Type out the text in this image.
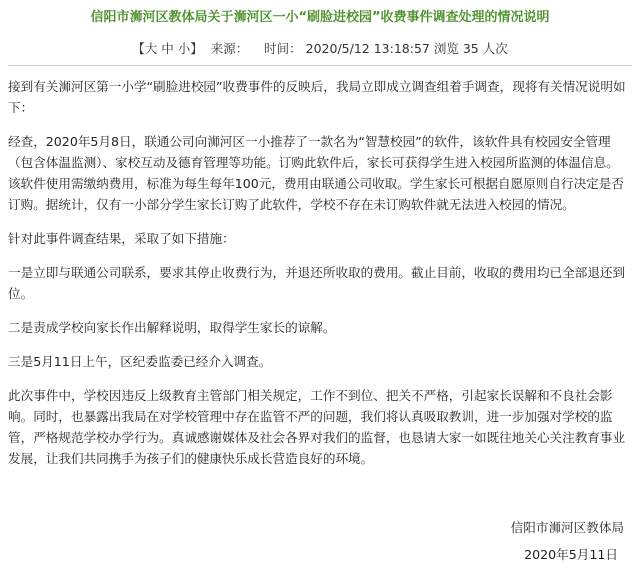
信阳市浉河区教体局关于浉河区一小“刷脸进校园”收费事件调查处理的情况说明
【大 中 小】 来源： 时间： 2020/5/12 13:18:57 浏览 35 人次

接到有关浉河区第一小学“刷脸进校园”收费事件的反映后，我局立即成立调查组着手调查，现将有关情况说明如下：

经查，2020年5月8日，联通公司向浉河区一小推荐了一款名为“智慧校园”的软件，该软件具有校园安全管理（包含体温监测）、家校互动及德育管理等功能。订购此软件后，家长可获得学生进入校园所监测的体温信息。该软件使用需缴纳费用，标准为每生每年100元，费用由联通公司收取。学生家长可根据自愿原则自行决定是否订购。据统计，仅有一小部分学生家长订购了此软件，学校不存在未订购软件就无法进入校园的情况。

针对此事件调查结果，采取了如下措施：

一是立即与联通公司联系，要求其停止收费行为，并退还所收取的费用。截止目前，收取的费用均已全部退还到位。

二是责成学校向家长作出解释说明，取得学生家长的谅解。

三是5月11日上午，区纪委监委已经介入调查。

此次事件中，学校因违反上级教育主管部门相关规定，工作不到位、把关不严格，引起家长误解和不良社会影响。同时，也暴露出我局在对学校管理中存在监管不严的问题，我们将认真吸取教训，进一步加强对学校的监管，严格规范学校办学行为。真诚感谢媒体及社会各界对我们的监督，也恳请大家一如既往地关心关注教育事业发展，让我们共同携手为孩子们的健康快乐成长营造良好的环境。

信阳市浉河区教体局
2020年5月11日
